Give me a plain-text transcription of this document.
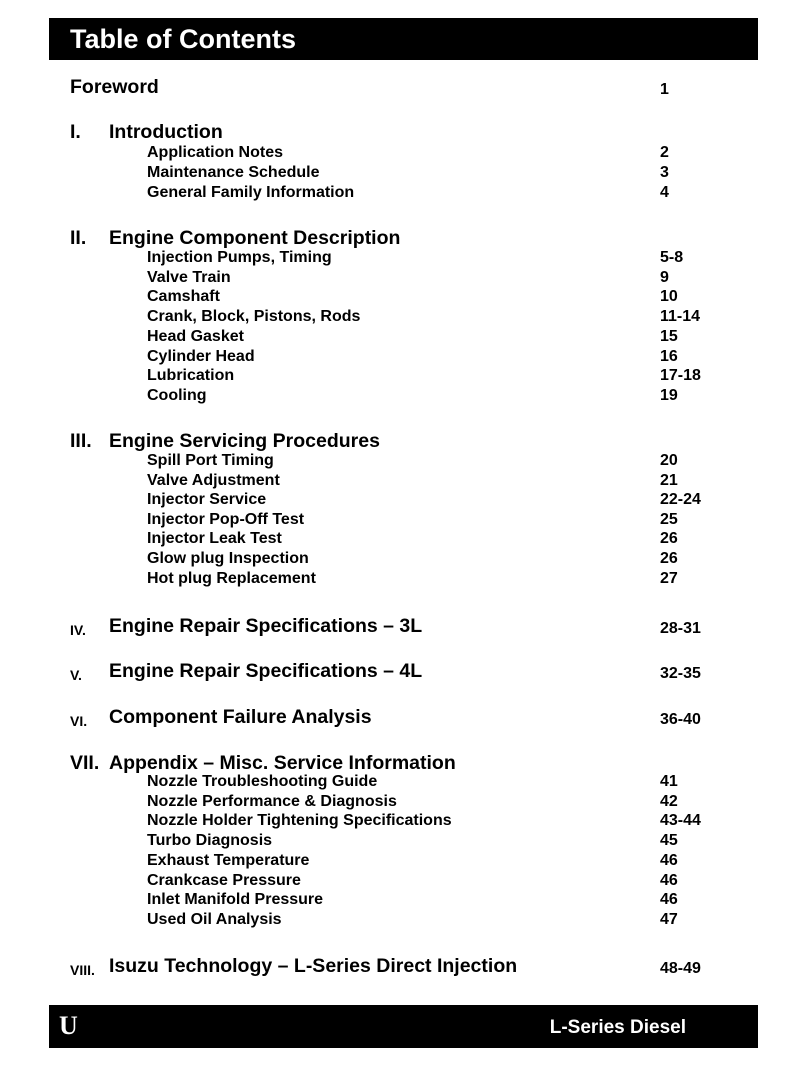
Table of Contents
Foreword	1
I. Introduction
Application Notes	2
Maintenance Schedule	3
General Family Information	4
II. Engine Component Description
Injection Pumps, Timing	5-8
Valve Train	9
Camshaft	10
Crank, Block, Pistons, Rods	11-14
Head Gasket	15
Cylinder Head	16
Lubrication	17-18
Cooling	19
III. Engine Servicing Procedures
Spill Port Timing	20
Valve Adjustment	21
Injector Service	22-24
Injector Pop-Off Test	25
Injector Leak Test	26
Glow plug Inspection	26
Hot plug Replacement	27
IV. Engine Repair Specifications – 3L	28-31
V. Engine Repair Specifications – 4L	32-35
VI. Component Failure Analysis	36-40
VII. Appendix – Misc. Service Information
Nozzle Troubleshooting Guide	41
Nozzle Performance & Diagnosis	42
Nozzle Holder Tightening Specifications	43-44
Turbo Diagnosis	45
Exhaust Temperature	46
Crankcase Pressure	46
Inlet Manifold Pressure	46
Used Oil Analysis	47
VIII. Isuzu Technology – L-Series Direct Injection	48-49
U	L-Series Diesel
